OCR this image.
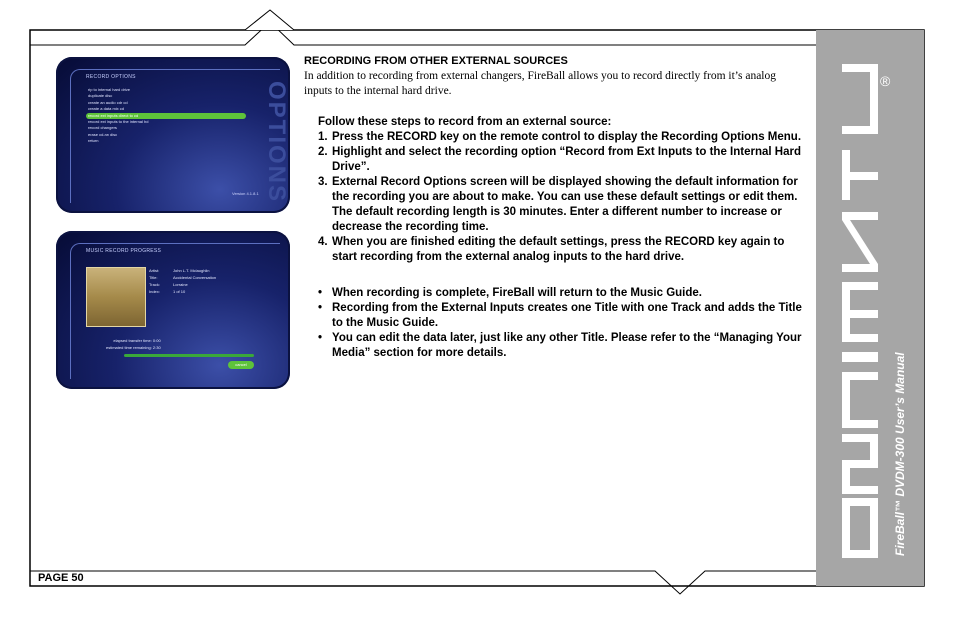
®
FireBall™ DVDM-300 User’s Manual
RECORD OPTIONS
rip to internal hard drive
duplicate disc
create an audio cdr cd
create a data mix cd
record ext inputs direct to cd
record ext inputs to the internal hd
record changers
erase cd-rw disc
return	OPTIONS
Version 4.1.8.1
MUSIC RECORD PROGRESS
Artist:	John L.T. Mclaughlin
Title:	Accidental Conversation
Track:	Lorraine
Index:	1 of 10
elapsed transfer time: 0:00
estimated time remaining: 2:30
cancel
RECORDING FROM OTHER EXTERNAL SOURCES

In addition to recording from external changers, FireBall allows you to record directly from it’s analog inputs to the internal hard drive.

Follow these steps to record from an external source:

1. Press the RECORD key on the remote control to display the Recording Options Menu.
2. Highlight and select the recording option “Record from Ext Inputs to the Internal Hard Drive”.
3. External Record Options screen will be displayed showing the default information for the recording you are about to make. You can use these default settings or edit them. The default recording length is 30 minutes. Enter a different number to increase or decrease the recording time.
4. When you are finished editing the default settings, press the RECORD key again to start recording from the external analog inputs to the hard drive.
• When recording is complete, FireBall will return to the Music Guide.
• Recording from the External Inputs creates one Title with one Track and adds the Title to the Music Guide.
• You can edit the data later, just like any other Title. Please refer to the “Managing Your Media” section for more details.
PAGE 50
